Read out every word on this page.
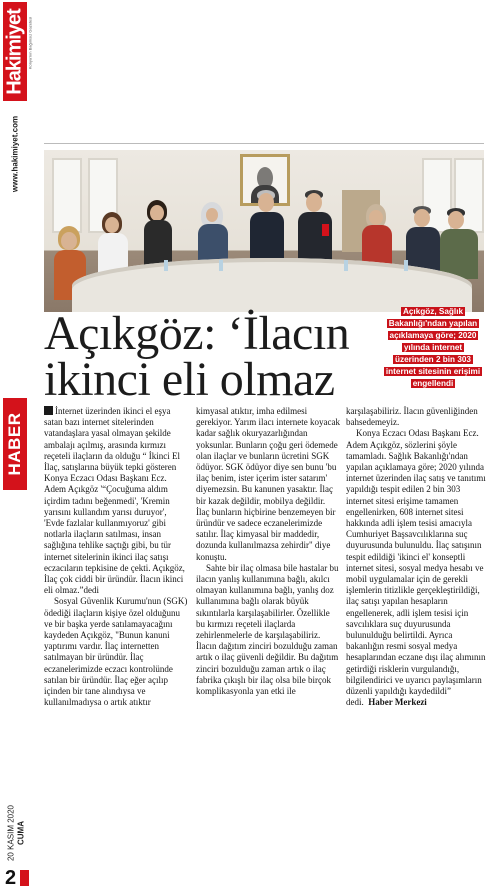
Hakimiyet Konya'nın Bağımsız Gazetesi
www.hakimiyet.com
HABER
20 KASIM 2020 CUMA
2
Açıkgöz: ‘İlacın
ikinci eli olmaz
Açıkgöz, Sağlık
Bakanlığı'ndan yapılan
açıklamaya göre; 2020
yılında internet
üzerinden 2 bin 303
internet sitesinin erişimi
engellendi

İnternet üzerinden ikinci el eşya satan bazı internet sitelerinden vatandaşlara yasal olmayan şekilde ambalajı açılmış, arasında kırmızı reçeteli ilaçların da olduğu “ İkinci El İlaç, satışlarına büyük tepki gösteren Konya Eczacı Odası Başkanı Ecz. Adem Açıkgöz '“Çocuğuma aldım içirdim tadını beğenmedi', 'Kremin yarısını kullandım yarısı duruyor', 'Evde fazlalar kullanmıyoruz' gibi notlarla ilaçların satılması, insan sağlığına tehlike saçtığı gibi, bu tür internet sitelerinin ikinci ilaç satışı eczacıların tepkisine de çekti. Açıkgöz, İlaç çok ciddi bir üründür. İlacın ikinci eli olmaz.”dedi

Sosyal Güvenlik Kurumu'nun (SGK) ödediği ilaçların kişiye özel olduğunu ve bir başka yerde satılamayacağını kaydeden Açıkgöz, "Bunun kanuni yaptırımı vardır. İlaç internetten satılmayan bir üründür. İlaç eczanelerimizde eczacı kontrolünde satılan bir üründür. İlaç eğer açılıp içinden bir tane alındıysa ve kullanılmadıysa o artık atıktır

kimyasal atıktır, imha edilmesi gerekiyor. Yarım ilacı internete koyacak kadar sağlık okuryazarlığından yoksunlar. Bunların çoğu geri ödemede olan ilaçlar ve bunların ücretini SGK ödüyor. SGK ödüyor diye sen bunu 'bu ilaç benim, ister içerim ister satarım' diyemezsin. Bu kanunen yasaktır. İlaç bir kazak değildir, mobilya değildir. İlaç bunların hiçbirine benzemeyen bir üründür ve sadece eczanelerimizde satılır. İlaç kimyasal bir maddedir, dozunda kullanılmazsa zehirdir" diye konuştu.

Sahte bir ilaç olmasa bile hastalar bu ilacın yanlış kullanımına bağlı, akılcı olmayan kullanımına bağlı, yanlış doz kullanımına bağlı olarak büyük sıkıntılarla karşılaşabilirler. Özellikle bu kırmızı reçeteli ilaçlarda zehirlenmelerle de karşılaşabiliriz. İlacın dağıtım zinciri bozulduğu zaman artık o ilaç güvenli değildir. Bu dağıtım zinciri bozulduğu zaman artık o ilaç fabrika çıkışlı bir ilaç olsa bile birçok komplikasyonla yan etki ile

karşılaşabiliriz. İlacın güvenliğinden bahsedemeyiz.

Konya Eczacı Odası Başkanı Ecz. Adem Açıkgöz, sözlerini şöyle tamamladı. Sağlık Bakanlığı'ndan yapılan açıklamaya göre; 2020 yılında internet üzerinden ilaç satış ve tanıtımı yapıldığı tespit edilen 2 bin 303 internet sitesi erişime tamamen engellenirken, 608 internet sitesi hakkında adli işlem tesisi amacıyla Cumhuriyet Başsavcılıklarına suç duyurusunda bulunuldu. İlaç satışının tespit edildiği 'ikinci el' konseptli internet sitesi, sosyal medya hesabı ve mobil uygulamalar için de gerekli işlemlerin titizlikle gerçekleştirildiği, ilaç satışı yapılan hesapların engellenerek, adli işlem tesisi için savcılıklara suç duyurusunda bulunulduğu belirtildi. Ayrıca bakanlığın resmi sosyal medya hesaplarından eczane dışı ilaç alımının getirdiği risklerin vurgulandığı, bilgilendirici ve uyarıcı paylaşımların düzenli yapıldığı kaydedildi” dedi. Haber Merkezi
